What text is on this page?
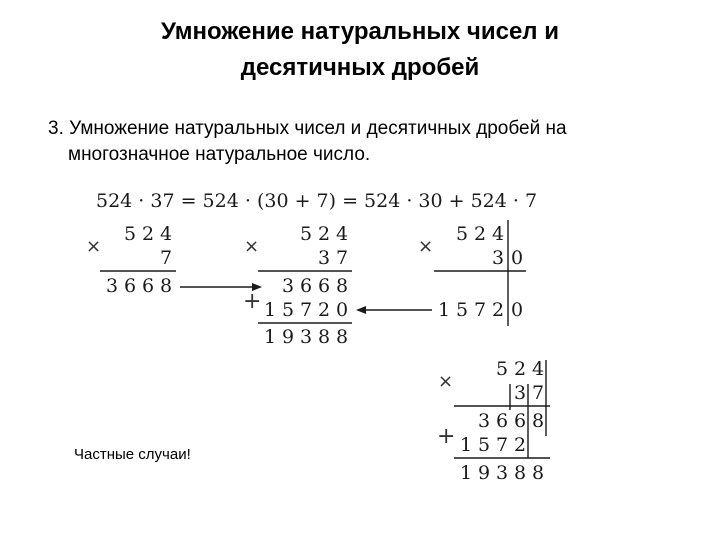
Умножение натуральных чисел и
десятичных дробей
3. Умножение натуральных чисел и десятичных дробей на
многозначное натуральное число.
524 · 37 = 524 · (30 + 7) = 524 · 30 + 524 · 7
×
5 2 4
7
3 6 6 8
×
5 2 4
3 7
3 6 6 8
+ 1 5 7 2 0
1 9 3 8 8
×
5 2 4
3 0
1 5 7 2 0
×
5 2 4
3 7
3 6 6 8
+ 1 5 7 2
1 9 3 8 8
Частные случаи!
